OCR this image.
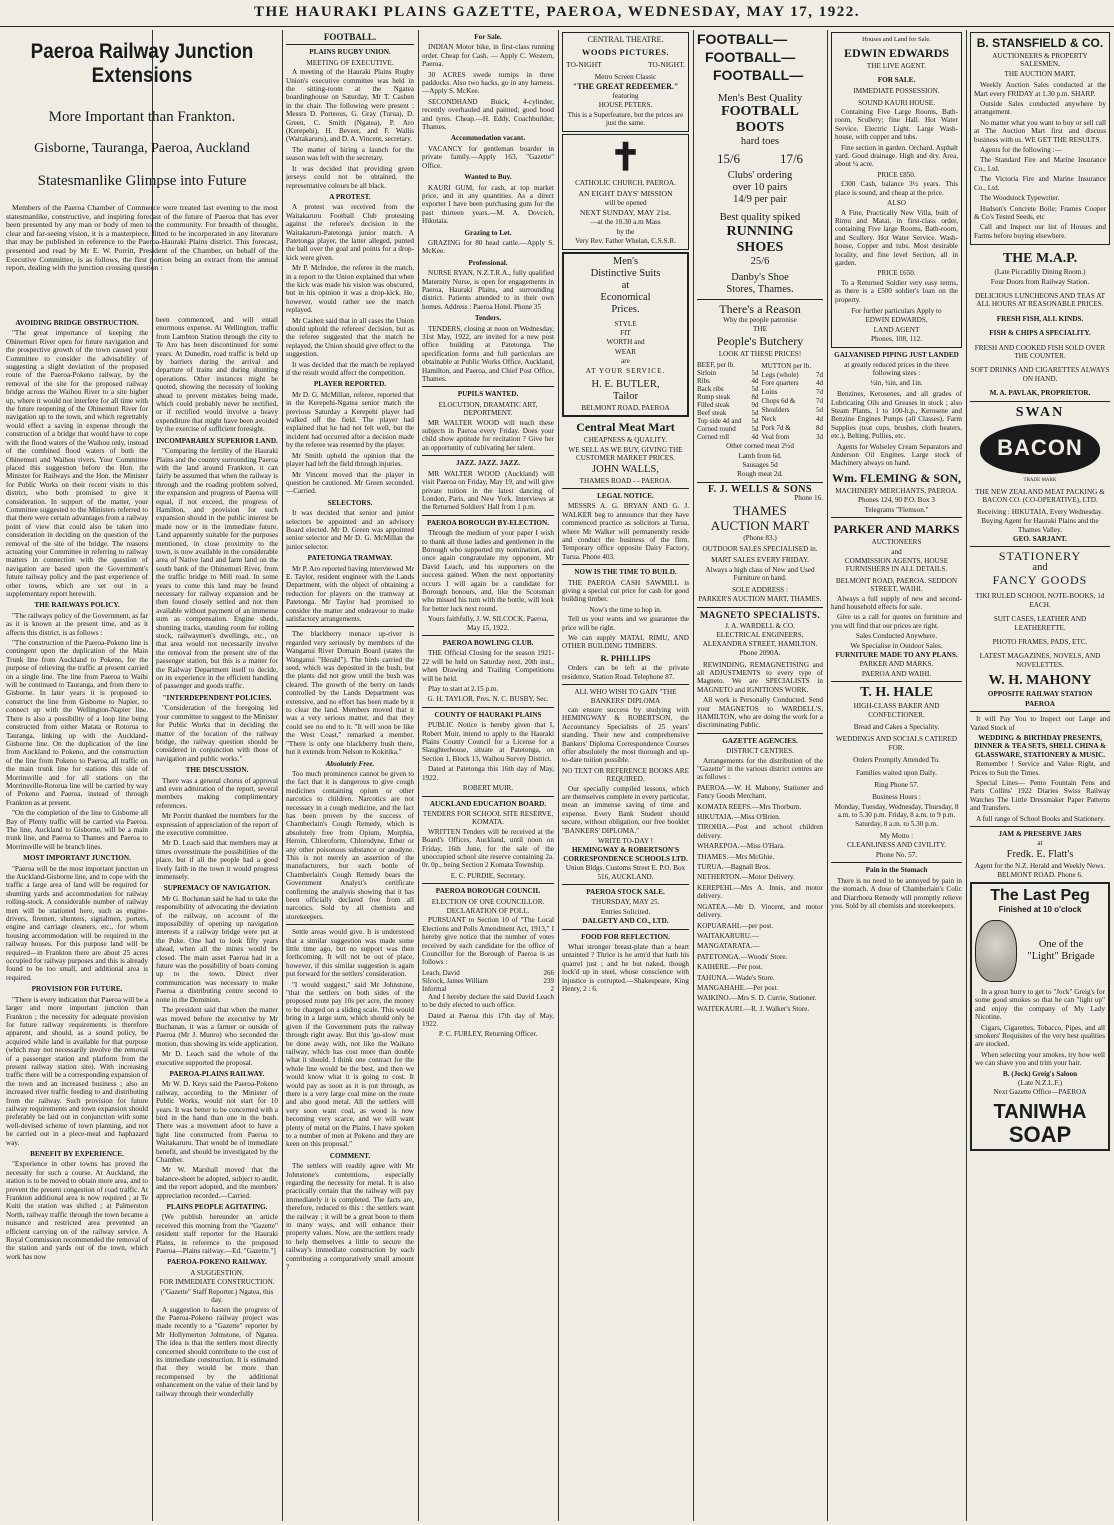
THE HAURAKI PLAINS GAZETTE, PAEROA, WEDNESDAY, MAY 17, 1922.
Paeroa Railway Junction Extensions
More Important than Frankton.
Gisborne, Tauranga, Paeroa, Auckland
Statesmanlike Glimpse into Future

Members of the Paeroa Chamber of Commerce were treated last evening to the most statesmanlike, constructive, and inspiring forecast of the future of Paeroa that has ever been presented by any man or body of men to the community. For breadth of thought, clear and far-seeing vision, it is a masterpiece, fitted to be incorporated in any literature that may be published in reference to the Paeroa-Hauraki Plains district. This forecast, presented and read by Mr E. W. Porritt, President of the Chamber, on behalf of the Executive Committee, is as follows, the first portion being an extract from the annual report, dealing with the junction crossing question :

AVOIDING BRIDGE OBSTRUCTION.

"The great importance of keeping the Ohinemuri River open for future navigation and the prospective growth of the town caused your Committee to consider the advisability of suggesting a slight deviation of the proposed route of the Paeroa-Pokeno railway, by the removal of the site for the proposed railway bridge across the Waihou River to a site higher up, where it would not interfere for all time with the future reopening of the Ohinemuri River for navigation up to the town, and which regrettably would effect a saving in expense through the construction of a bridge that would have to cope with the flood waters of the Waihou only, instead of the combined flood waters of both the Ohinemuri and Waihou rivers. Your Committee placed this suggestion before the Hon. the Minister for Railways and the Hon. the Minister for Public Works on their recent visits to this district, who both promised to give it consideration. In support of the matter, your Committee suggested to the Ministers referred to that there were certain advantages from a railway point of view that could also be taken into consideration in deciding on the question of the removal of the site of the bridge. The reasons actuating your Committee in referring to railway matters in connection with the question of navigation are based upon the Government's future railway policy and the past experience of other towns, which are set out in a supplementary report herewith.

THE RAILWAYS POLICY.

"The railways policy of the Government, as far as it is known at the present time, and as it affects this district, is as follows :

"The construction of the Paeroa-Pokeno line is contingent upon the duplication of the Main Trunk line from Auckland to Pokeno, for the purpose of relieving the traffic at present carried on a single line. The line from Paeroa to Waihi will be continued to Tauranga, and from there to Gisborne. In later years it is proposed to construct the line from Gisborne to Napier, to connect up with the Wellington-Napier line. There is also a possibility of a loop line being constructed from either Matata or Rotorua to Tauranga, linking up with the Auckland-Gisborne line. On the duplication of the line from Auckland to Pokeno, and the construction of the line from Pokeno to Paeroa, all traffic on the main trunk line for stations this side of Morrinsville and for all stations on the Morrinsville-Rotorua line will be carried by way of Pokeno and Paeroa, instead of through Frankton as at present.

"On the completion of the line to Gisborne all Bay of Plenty traffic will be carried via Paeroa. The line, Auckland to Gisborne, will be a main trunk line, and Paeroa to Thames and Paeroa to Morrinsville will be branch lines.

MOST IMPORTANT JUNCTION.

"Paeroa will be the most important junction on the Auckland-Gisborne line, and to cope with the traffic a large area of land will be required for shunting yards and accommodation for railway rolling-stock. A considerable number of railway men will be stationed here, such as engine-drivers, firemen, shunters, signalmen, porters, engine and carriage cleaners, etc., for whom housing accommodation will be required in the railway houses. For this purpose land will be required—in Frankton there are about 25 acres occupied for railway purposes and this is already found to be too small, and additional area is required.

PROVISION FOR FUTURE.

"There is every indication that Paeroa will be a larger and more important junction than Frankton ; the necessity for adequate provision for future railway requirements is therefore apparent, and should, as a sound policy, be acquired while land is available for that purpose (which may not necessarily involve the removal of a passenger station and platform from the present railway station site). With increasing traffic there will be a corresponding expansion of the town and an increased business ; also an increased river traffic feeding to and distributing from the railway. Such provision for future railway requirements and town expansion should preferably be laid out in conjunction with some well-devised scheme of town planning, and not be carried out in a piece-meal and haphazard way.

BENEFIT BY EXPERIENCE.

"Experience in other towns has proved the necessity for such a course. At Auckland, the station is to be moved to obtain more area, and to prevent the present congestion of road traffic. At Frankton additional area is now required ; at Te Kuiti the station was shifted ; at Palmerston North, railway traffic through the town became a nuisance and restricted area prevented an efficient carrying on of the railway service. A Royal Commission recommended the removal of the station and yards out of the town, which work has now

been commenced, and will entail enormous expense. At Wellington, traffic from Lambton Station through the city to Te Aro has been discontinued for some years. At Dunedin, road traffic is held up by barriers during the arrival and departure of trains and during shunting operations. Other instances might be quoted, showing the necessity of looking ahead to prevent mistakes being made, which could probably never be rectified, or if rectified would involve a heavy expenditure that might have been avoided by the exercise of sufficient foresight.

INCOMPARABLY SUPERIOR LAND.

"Comparing the fertility of the Hauraki Plains and the country surrounding Paeroa with the land around Frankton, it can fairly be assumed that when the railway is through and the roading problem solved, the expansion and progress of Paeroa will equal, if not exceed, the progress of Hamilton, and provision for such expansion should in the public interest be made now or in the immediate future. Land apparently suitable for the purposes mentioned, in close proximity to the town, is now available in the considerable area of Native land and farm land on the south bank of the Ohinemuri River, from the traffic bridge to Mill road. In some years to come this land may be found necessary for railway expansion and be then found closely settled and not then available without payment of an immense sum as compensation. Engine sheds, shunting tracks, standing room for rolling stock, railwaymen's dwellings, etc., on that area would not necessarily involve the removal from the present site of the passenger station, but this is a matter for the Railway Department itself to decide, on its experience in the efficient handling of passenger and goods traffic.

"INTERDEPENDENT POLICIES.

"Consideration of the foregoing led your committee to suggest to the Minister for Public Works that in deciding the matter of the location of the railway bridge, the railway question should be considered in conjunction with those of navigation and public works."

THE DISCUSSION.

There was a general chorus of approval and even admiration of the report, several members making complimentary references.

Mr Porritt thanked the members for the expression of appreciation of the report of the executive committee.

Mr D. Leach said that members may at times overestimate the possibilities of the place, but if all the people had a good lively faith in the town it would progress immensely.

SUPREMACY OF NAVIGATION.

Mr G. Buchanan said he had to take the responsibility of advocating the deviation of the railway, on account of the impossibility of opening up navigation interests if a railway bridge were put at the Puke. One had to look fifty years ahead, when all the mines would be closed. The main asset Paeroa had in a future was the possibility of boats coming up to the town. Direct river communication was necessary to make Paeroa a distributing centre second to none in the Dominion.

The president said that when the matter was moved before the executive by Mr Buchanan, it was a farmer or outside of Paeroa (Mr J. Munro) who seconded the motion, thus showing its wide application.

Mr D. Leach said the whole of the executive supported the proposal.

PAEROA-PLAINS RAILWAY.

Mr W. D. Keys said the Paeroa-Pokeno railway, according to the Minister of Public Works, would not start for 10 years. It was better to be concerned with a bird in the hand than one in the bush. There was a movement afoot to have a light line constructed from Paeroa to Waitakaruru. That would be of immediate benefit, and should be investigated by the Chamber.

Mr W. Marshall moved that the balance-sheet be adopted, subject to audit, and the report adopted, and the members' appreciation recorded.—Carried.

PLAINS PEOPLE AGITATING.

[We publish hereunder an article received this morning from the "Gazette" resident staff reporter for the Hauraki Plains, in reference to the proposed Paeroa—Plains railway.—Ed. "Gazette."]

PAEROA-POKENO RAILWAY.
A SUGGESTION.
FOR IMMEDIATE CONSTRUCTION.
("Gazette" Staff Reporter.) Ngatea, this day.

A suggestion to hasten the progress of the Paeroa-Pokeno railway project was made recently to a "Gazette" reporter by Mr Hollymerton Johnstone, of Ngatea. The idea is that the settlers most directly concerned should contribute to the cost of its immediate construction. It is estimated that they would be more than recompensed by the additional enhancement on the value of their land by railway through their wonderfully

FOOTBALL.
PLAINS RUGBY UNION.
MEETING OF EXECUTIVE.

A meeting of the Hauraki Plains Rugby Union's executive committee was held in the sitting-room at the Ngatea boardinghouse on Saturday, Mr T. Cashen in the chair. The following were present : Messrs D. Porteous, G. Gray (Turua), D. Green, C. Smith (Ngatea), P. Aro (Kerepehi), H. Beveer, and F. Wallis (Waitakaruru), and D. A. Vincent, secretary.

The matter of hiring a launch for the season was left with the secretary.

It was decided that providing green jerseys could not be obtained, the representative colours be all black.

A PROTEST.

A protest was received from the Waitakaruru Football Club protesting against the referee's decision in the Waitakaruru-Patetonga junior match. A Patetonga player, the latter alleged, punted the ball over the goal and points for a drop-kick were given.

Mr P. McIndoe, the referee in the match, in a report to the Union explained that when the kick was made his vision was obscured, but in his opinion it was a drop-kick. He, however, would rather see the match replayed.

Mr Cashen said that in all cases the Union should uphold the referees' decision, but as the referee suggested that the match be replayed, the Union should give effect to the suggestion.

It was decided that the match be replayed if the result would affect the competition.

PLAYER REPORTED.

Mr D. G. McMillan, referee, reported that in the Kerepehi-Ngatea senior match the previous Saturday a Kerepehi player had walked off the field. The player had explained that he had not felt well, but the incident had occurred after a decision made by the referee was resented by the player.

Mr Smith upheld the opinion that the player had left the field through injuries.

Mr Vincent moved that the player in question be cautioned. Mr Green seconded.—Carried.

SELECTORS.

It was decided that senior and junior selectors be appointed and an advisory Board elected. Mr D. Green was appointed senior selector and Mr D. G. McMillan the junior selector.

PATETONGA TRAMWAY.

Mr P. Aro reported having interviewed Mr E. Taylor, resident engineer with the Lands Department, with the object of obtaining a reduction for players on the tramway at Patetonga. Mr Taylor had promised to consider the matter and endeavour to make satisfactory arrangements.

The blackberry menace up-river is regarded very seriously by members of the Wanganui River Domain Board (states the Wanganui "Herald"). The birds carried the seed, which was deposited in the bush, but the plants did not grow until the bush was cleared. The growth of the berry on lands controlled by the Lands Department was extensive, and no effort has been made by it to clear the land. Members moved that it was a very serious matter, and that they could see no end to it. "It will soon be like the West Coast," remarked a member. "There is only one blackberry bush there, but it extends from Nelson to Kokitika."

Absolutely Free.

Too much prominence cannot be given to the fact that it is dangerous to give cough medicines containing opium or other narcotics to children. Narcotics are not necessary in a cough medicine, and the fact has been proven by the success of Chamberlain's Cough Remedy, which is absolutely free from Opium, Morphia, Heroin, Chloroform, Chlorodyne, Ether or any other poisonous substance or anodyne. This is not merely an assertion of the manufacturers, but each bottle of Chamberlain's Cough Remedy bears the Government Analyst's certificate confirming the analysis showing that it has been officially declared free from all narcotics. Sold by all chemists and storekeepers.

Settle areas would give. It is understood that a similar suggestion was made some little time ago, but no support was then forthcoming. It will not be out of place, however, if this similar suggestion is again put forward for the settlers' consideration.

"I would suggest," said Mr Johnstone, "that the settlers on both sides of the proposed route pay 10s per acre, the money to be charged on a sliding scale. This would bring in a large sum, which should only be given if the Government puts the railway through right away. But this 'go-slow' must be done away with, not like the Waikato railway, which has cost more than double what it should. I think one contract for the whole line would be the best, and then we would know what it is going to cost. It would pay as soon as it is put through, as there is a very large coal mine on the route and also good metal. All the settlers will very soon want coal, as wood is now becoming very scarce, and we will want plenty of metal on the Plains. I have spoken to a number of men at Pokeno and they are keen on this proposal."

COMMENT.

The settlers will readily agree with Mr Johnstone's contentions, especially regarding the necessity for metal. It is also practically certain that the railway will pay immediately it is completed. The facts are, therefore, reduced to this : the settlers want the railway ; it will be a great boon to them in many ways, and will enhance their property values. Now, are the settlers ready to help themselves a little to secure the railway's immediate construction by each contributing a comparatively small amount ?

For Sale.

INDIAN Motor bike, in first-class running order. Cheap for Cash. — Apply C. Western, Paeroa.

30 ACRES swede turnips in three paddocks. Also two hacks, go in any harness.—Apply S. McKee.

SECONDHAND Buick, 4-cylinder, recently overhauled and painted; good hood and tyres. Cheap.—H. Eddy, Coachbuilder, Thames.

Accommodation vacant.

VACANCY for gentleman boarder in private family.—Apply 163, "Gazette" Office.

Wanted to Buy.

KAURI GUM, for cash, at top market price, and in any quantities. As a direct exporter I have been purchasing gum for the past thirteen years.—M. A. Dovcich, Hikutaia.

Grazing to Let.

GRAZING for 80 head cattle.—Apply S. McKee.

Professional.

NURSE RYAN, N.Z.T.R.A., fully qualified Maternity Nurse, is open for engagements in Paeroa, Hauraki Plains, and surrounding district. Patients attended to in their own homes. Address : Paeroa Hotel. Phone 35

Tenders.

TENDERS, closing at noon on Wednesday, 31st May, 1922, are invited for a new post office building at Patetonga. The specification forms and full particulars are obtainable at Public Works Office, Auckland, Hamilton, and Paeroa, and Chief Post Office, Thames.

PUPILS WANTED.
ELOCUTION, DRAMATIC ART, DEPORTMENT.

MR WALTER WOOD will teach these subjects in Paeroa every Friday. Does your child show aptitude for recitation ? Give her an opportunity of cultivating her talent.

JAZZ. JAZZ. JAZZ.

MR WALTER WOOD (Auckland) will visit Paeroa on Friday, May 19, and will give private tuition in the latest dancing of London, Paris, and New York. Interviews at the Returned Soldiers' Hall from 1 p.m.

PAEROA BOROUGH BY-ELECTION.

Through the medium of your paper I wish to thank all those ladies and gentlemen in the Borough who supported my nomination, and once again congratulate my opponent, Mr David Leach, and his supporters on the success gained. When the next opportunity occurs I will again be a candidate for Borough honours, and, like the Scotsman who missed his turn with the bottle, will look for better luck next round.

Yours faithfully, J. W. SILCOCK. Paeroa, May 15, 1922.
PAEROA BOWLING CLUB.

THE Official Closing for the season 1921-22 will be held on Saturday next, 20th inst., when Drawing and Trailing Competitions will be held.

Play to start at 2.15 p.m.

G. H. TAYLOR, Pres. N. C. BUSBY, Sec.
COUNTY OF HAURAKI PLAINS

PUBLIC Notice is hereby given that I, Robert Muir, intend to apply to the Hauraki Plains County Council for a License for a Slaughterhouse, situate at Patetonga, on Section 1, Block 13, Waihou Survey District.

Dated at Patetonga this 16th day of May, 1922.

ROBERT MUIR.
AUCKLAND EDUCATION BOARD.
TENDERS FOR SCHOOL SITE RESERVE, KOMATA.

WRITTEN Tenders will be received at the Board's Offices, Auckland, until noon on Friday, 16th June, for the sale of the unoccupied school site reserve containing 2a. 0r. 0p., being Section 2 Komata Township.

E. C. PURDIE, Secretary.
PAEROA BOROUGH COUNCIL
ELECTION OF ONE COUNCILLOR.
DECLARATION OF POLL.

PURSUANT to Section 10 of "The Local Elections and Polls Amendment Act, 1913," I hereby give notice that the number of votes received by each candidate for the office of Councillor for the Borough of Paeroa is as follows :

Leach, David	266
Silcock, James William	239
Informal	2

And I hereby declare the said David Leach to be duly elected to such office.

Dated at Paeroa this 17th day of May, 1922.

P. C. FURLEY, Returning Officer.
CENTRAL THEATRE.
WOODS PICTURES.
TO-NIGHT	TO-NIGHT.
Metro Screen Classic
"THE GREAT REDEEMER."
featuring
HOUSE PETERS.
This is a Superfeature, but the prices are just the same.
✝
CATHOLIC CHURCH, PAEROA.
AN EIGHT DAYS' MISSION
will be opened
NEXT SUNDAY, MAY 21st.
—at the 10.30 a.m Mass
by the
Very Rev. Father Whelan, C.S.S.R.
Men's
Distinctive Suits
at
Economical
Prices.
STYLE
FIT
WORTH and
WEAR
are
AT YOUR SERVICE.
H. E. BUTLER,
Tailor
BELMONT ROAD, PAEROA
Central Meat Mart
CHEAPNESS & QUALITY.
WE SELL AS WE BUY, GIVING THE CUSTOMER MARKET PRICES.
JOHN WALLS,
THAMES ROAD - - PAEROA.
LEGAL NOTICE.

MESSRS A. G. BRYAN AND G. J. WALKER beg to announce that they have commenced practice as solicitors at Turua, where Mr Walker will permanently reside and conduct the business of the firm. Temporary office opposite Dairy Factory, Turua. Phone 403.

NOW IS THE TIME TO BUILD.

THE PAEROA CASH SAWMILL is giving a special cut price for cash for good building timber.

Now's the time to hop in.

Tell us your wants and we guarantee the price will be right.

We can supply MATAI, RIMU, AND OTHER BUILDING TIMBERS.

R. PHILLIPS

Orders can be left at the private residence, Station Road. Telephone 87.

ALL WHO WISH TO GAIN "THE BANKERS' DIPLOMA

can ensure success by studying with HEMINGWAY & ROBERTSON, the Accountancy Specialists of 25 years' standing. Their new and comprehensive Bankers' Diploma Correspondence Courses offer absolutely the most thorough and up-to-date tuition possible.

NO TEXT OR REFERENCE BOOKS ARE REQUIRED.

Our specially compiled lessons, which are themselves complete in every particular, mean an immense saving of time and expense. Every Bank Student should secure, without obligation, our free booklet "BANKERS' DIPLOMA."

WRITE TO-DAY !
HEMINGWAY & ROBERTSON'S CORRESPONDENCE SCHOOLS LTD.
Union Bldgs. Customs Street E. P.O. Box 516, AUCKLAND.
PAEROA STOCK SALE.
THURSDAY, MAY 25.
Entries Solicited.
DALGETY AND CO., LTD.
FOOD FOR REFLECTION.

What stronger breast-plate than a heart untainted ? Thrice is he arm'd that hath his quarrel just ; and he but naked, though lock'd up in steel, whose conscience with injustice is corrupted.—Shakespeare, King Henry, 2 : 6.

FOOTBALL—
FOOTBALL—
FOOTBALL—
Men's Best Quality
FOOTBALL
BOOTS
hard toes
15/6	17/6
Clubs' ordering
over 10 pairs
14/9 per pair
Best quality spiked
RUNNING
SHOES
25/6
Danby's Shoe
Stores, Thames.
There's a Reason
Why the people patronise
THE
People's Butchery
LOOK AT THESE PRICES!
BEEF, per lb.	
Sirloin	5d
Ribs	4d
Back ribs	5d
Rump steak	8d
Filled steak	9d
Beef steak	5d
Top side 4d and	5d
Corned round	5d
Corned roll	4d
MUTTON per lb.	
Legs (whole)	7d
Fore quarters	4d
Loins	7d
Chops 6d &	7d
Shoulders	5d
Neck	4d
Pork 7d &	8d
Veal from	3d

Other corned meat 2½d
Lamb from 6d.
Sausages 5d
Rough meat 2d.
F. J. WELLS & SONS
Phone 16.
THAMES
AUCTION MART
(Phone 83.)
OUTDOOR SALES SPECIALISED in.
MART SALES EVERY FRIDAY.
Always a high class of New and Used Furniture on hand.
SOLE ADDRESS :
PARKER'S AUCTION MART, THAMES.
MAGNETO SPECIALISTS.
J. A. WARDELL & CO.
ELECTRICAL ENGINEERS, ALEXANDRA STREET, HAMILTON.
Phone 2090A.

REWINDING, REMAGNETISING and all ADJUSTMENTS to every type of Magneto. We are SPECIALISTS in MAGNETO and IGNITIONS WORK.

All work is Personally Conducted. Send your MAGNETOS to WARDELL'S, HAMILTON, who are doing the work for a discriminating Public.

GAZETTE AGENCIES.
DISTRICT CENTRES.

Arrangements for the distribution of the "Gazette" in the various district centres are as follows :

PAEROA.—W. H. Mahony, Stationer and Fancy Goods Merchant.

KOMATA REEFS.—Mrs Thorburn.

HIKUTAIA.—Miss O'Brien.

TIROHIA.—Post and school children delivery.

WHAREPOA.—Miss O'Hara.

THAMES.—Mrs McGhie.

TURUA.—Bagnall Bros.

NETHERTON.—Motor Delivery.

KEREPEHI.—Mrs A. Innis, and motor delivery.

NGATEA.—Mr D. Vincent, and motor delivery.

KOPUARAHI.—per post.

WAITAKARURU.—

MANGATARATA.—

PATETONGA.—Woods' Store.

KAIHERE.—Per post.

TAHUNA.—Wade's Store.

MANGAHAHE.—Per post.

WAIKINO.—Mrs S. D. Currie, Stationer.

WAITEKAURI.—R. J. Walker's Store.

Houses and Land for Sale.
EDWIN EDWARDS
THE LIVE AGENT.
FOR SALE.
IMMEDIATE POSSESSION.
SOUND KAURI HOUSE.

Containing Five Large Rooms, Bath-room, Scullery; fine Hall. Hot Water Service. Electric Light. Large Wash-house, with copper and tubs.

Fine section in garden. Orchard. Asphalt yard. Good drainage. High and dry. Area, about ¼ acre.

PRICE £850.

£300 Cash, balance 3½ years. This place is sound, and cheap at the price.

ALSO

A Fine, Practically New Villa, built of Rimu and Matai, in first-class order, containing Five large Rooms, Bath-room, and Scullery. Hot Water Service. Wash-house, Copper and tubs. Most desirable locality, and fine level Section, all in garden.

PRICE £650.

To a Returned Soldier very easy terms, as there is a £500 soldier's loan on the property.

For further particulars Apply to
EDWIN EDWARDS,
LAND AGENT
Phones, 108, 112.
GALVANISED PIPING JUST LANDED
at greatly reduced prices in the three following sizes :
½in, ¾in, and 1in.

Benzines, Kerosenes, and all grades of Lubricating Oils and Greases in stock ; also Steam Plants, 1 to 100-h.p., Kerosene and Benzine Engines Pumps (all Classes), Farm Supplies (teat cups, brushes, cloth heaters, etc.), Belting, Pullies, etc.

Agents for Wolseley Cream Separators and Anderson Oil Engines. Large stock of Machinery always on hand.

Wm. FLEMING & SON,
MACHINERY MERCHANTS, PAEROA.
Phones 124, 90 P.O. Box 3
Telegrams "Flemson."
PARKER AND MARKS
AUCTIONEERS
and
COMMISSION AGENTS, HOUSE FURNISHERS IN ALL DETAILS.
BELMONT ROAD, PAEROA. SEDDON STREET, WAIHI.

Always a full supply of new and second-hand household effects for sale.

Give us a call for quotes on furniture and you will find that our prices are right.

Sales Conducted Anywhere.
We Specialise in Outdoor Sales.
FURNITURE MADE TO ANY PLANS.
PARKER AND MARKS.
PAEROA AND WAIHI.
T. H. HALE
HIGH-CLASS BAKER AND CONFECTIONER.
Bread and Cakes a Speciality.
WEDDINGS AND SOCIALS CATERED FOR.
Orders Promptly Attended To.
Families waited upon Daily.
Ring Phone 57.
Business Hours :
Monday, Tuesday, Wednesday, Thursday, 8 a.m. to 5.30 p.m. Friday, 8 a.m. to 9 p.m. Saturday, 8 a.m. to 5.30 p.m.
My Motto :
CLEANLINESS AND CIVILITY.
Phone No. 57.
Pain in the Stomach

There is no need to be annoyed by pain in the stomach. A dose of Chamberlain's Colic and Diarrhoea Remedy will promptly relieve you. Sold by all chemists and storekeepers.

B. STANSFIELD & CO.
AUCTIONEERS & PROPERTY SALESMEN,
THE AUCTION MART,

Weekly Auction Sales conducted at the Mart every FRIDAY at 1.30 p.m. SHARP.

Outside Sales conducted anywhere by arrangement.

No matter what you want to buy or sell call at The Auction Mart first and discuss business with us. WE GET THE RESULTS.

Agents for the following :—

The Standard Fire and Marine Insurance Co., Ltd.

The Victoria Fire and Marine Insurance Co., Ltd.

The Woodstock Typewriter.

Hudson's Concrete Boile; Frames Cooper & Co's Tested Seeds, etc

Call and Inspect our list of Houses and Farms before buying elsewhere.

THE M.A.P.
(Late Piccadilly Dining Room.)
Four Doors from Railway Station.
DELICIOUS LUNCHEONS AND TEAS AT ALL HOURS AT REASONABLE PRICES.
FRESH FISH, ALL KINDS.
FISH & CHIPS A SPECIALITY.
FRESH AND COOKED FISH SOLD OVER THE COUNTER.
SOFT DRINKS AND CIGARETTES ALWAYS ON HAND.
M. A. PAVLAK, PROPRIETOR.
SWAN
BACON
TRADE MARK
THE NEW ZEALAND MEAT PACKING & BACON CO. (CO-OPERATIVE), LTD.
Receiving : HIKUTAIA, Every Wednesday.
Buying Agent for Hauraki Plains and the Thames Valley.
GEO. SARJANT.
STATIONERY
and
FANCY GOODS
TIKI RULED SCHOOL NOTE-BOOKS, 1d EACH.
SUIT CASES, LEATHER AND LEATHERETTE.
PHOTO FRAMES, PADS, ETC.
LATEST MAGAZINES, NOVELS, AND NOVELETTES.
W. H. MAHONY
OPPOSITE RAILWAY STATION
PAEROA

It will Pay You to Inspect our Large and Varied Stock of

WEDDING & BIRTHDAY PRESENTS, DINNER & TEA SETS, SHELL CHINA & GLASSWARE, STATIONERY & MUSIC.

Remember ! Service and Value Right, and Prices to Suit the Times.

Special Lines— Pento Fountain Pens and Parts Collins' 1922 Diaries Swiss Railway Watches The Little Dressmaker Paper Patterns and Transfers.

A full range of School Books and Stationery.

JAM & PRESERVE JARS
at
Fredk. E. Flatt's
Agent for the N.Z. Herald and Weekly News.
BELMONT ROAD. Phone 6.
The Last Peg
Finished at 10 o'clock
One of the
"Light" Brigade

In a great hurry to get to "Jock" Greig's for some good smokes so that he can "light up" and enjoy the company of My Lady Nicotine.

Cigars, Cigarettes, Tobacco, Pipes, and all smokers' Requisites of the very best qualities are stocked.

When selecting your smokes, try how well we can shave you and trim your hair.

B. (Jock) Greig's Saloon
(Late N.Z.L.F.)
Next Gazette Office—PAEROA
TANIWHA
SOAP
